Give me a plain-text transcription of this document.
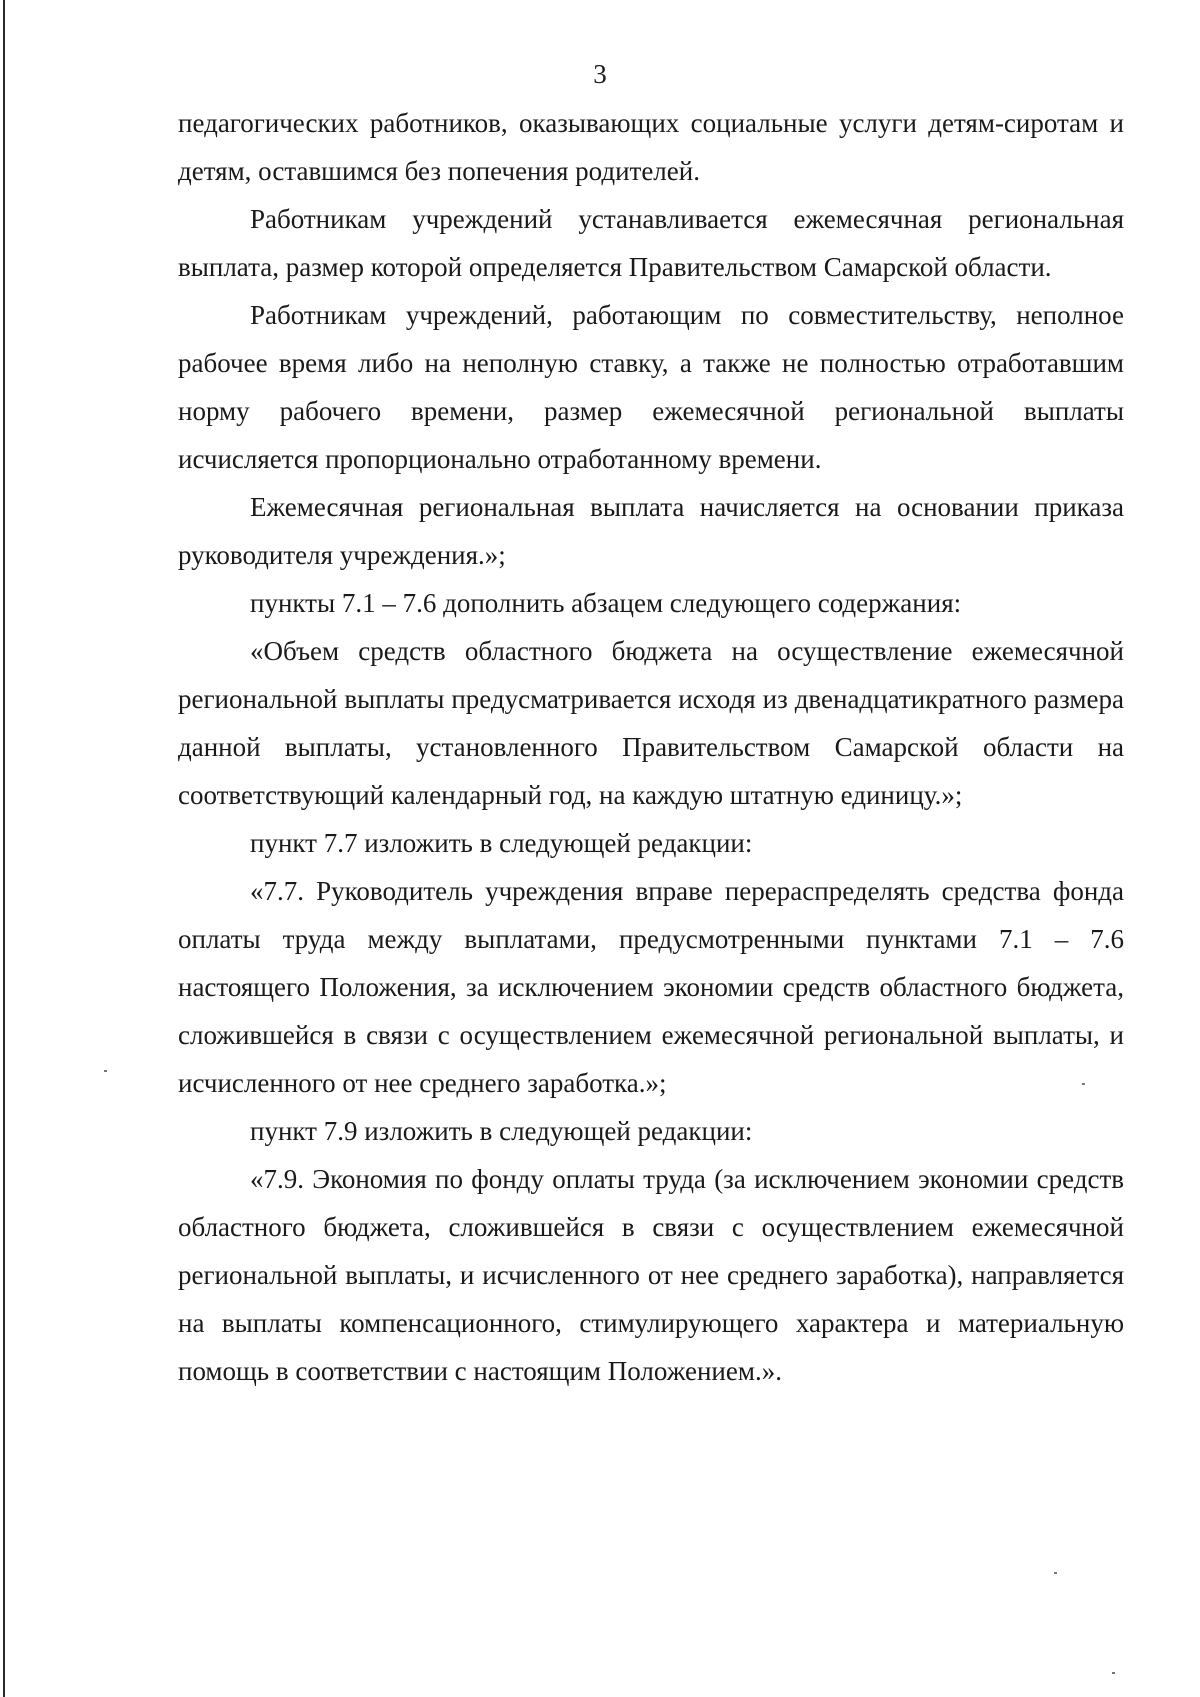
3

педагогических работников, оказывающих социальные услуги детям-сиротам и детям, оставшимся без попечения родителей.

Работникам учреждений устанавливается ежемесячная региональная выплата, размер которой определяется Правительством Самарской области.

Работникам учреждений, работающим по совместительству, неполное рабочее время либо на неполную ставку, а также не полностью отработавшим норму рабочего времени, размер ежемесячной региональной выплаты исчисляется пропорционально отработанному времени.

Ежемесячная региональная выплата начисляется на основании приказа руководителя учреждения.»;

пункты 7.1 – 7.6 дополнить абзацем следующего содержания:

«Объем средств областного бюджета на осуществление ежемесячной региональной выплаты предусматривается исходя из двенадцатикратного размера данной выплаты, установленного Правительством Самарской области на соответствующий календарный год, на каждую штатную единицу.»;

пункт 7.7 изложить в следующей редакции:

«7.7. Руководитель учреждения вправе перераспределять средства фонда оплаты труда между выплатами, предусмотренными пунктами 7.1 – 7.6 настоящего Положения, за исключением экономии средств областного бюджета, сложившейся в связи с осуществлением ежемесячной региональной выплаты, и исчисленного от нее среднего заработка.»;

пункт 7.9 изложить в следующей редакции:

«7.9. Экономия по фонду оплаты труда (за исключением экономии средств областного бюджета, сложившейся в связи с осуществлением ежемесячной региональной выплаты, и исчисленного от нее среднего заработка), направляется на выплаты компенсационного, стимулирующего характера и материальную помощь в соответствии с настоящим Положением.».
